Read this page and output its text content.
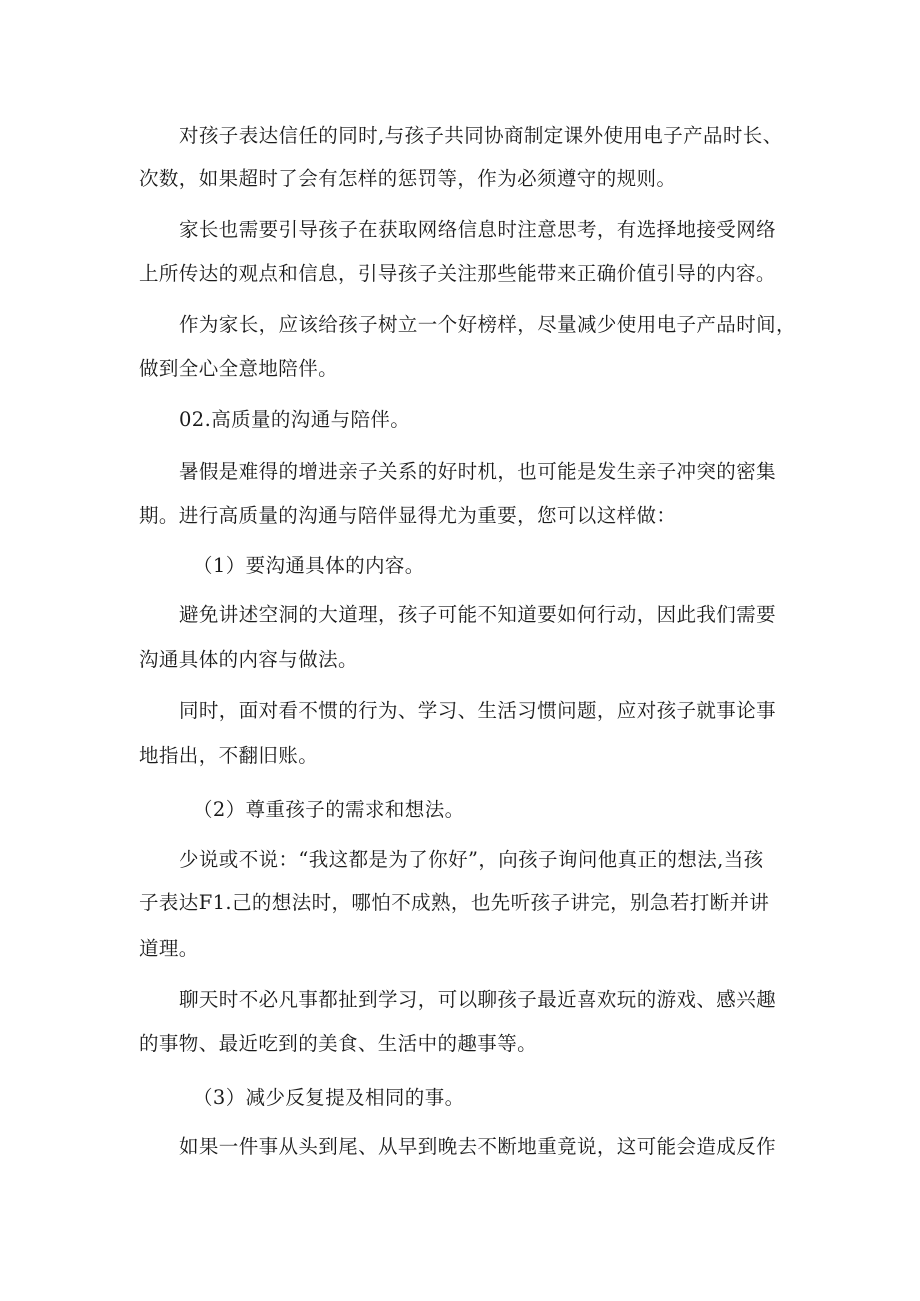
对孩子表达信任的同时,与孩子共同协商制定课外使用电子产品时长、
次数，如果超时了会有怎样的惩罚等，作为必须遵守的规则。
家长也需要引导孩子在获取网络信息时注意思考，有选择地接受网络
上所传达的观点和信息，引导孩子关注那些能带来正确价值引导的内容。
作为家长，应该给孩子树立一个好榜样，尽量减少使用电子产品时间，
做到全心全意地陪伴。
02.高质量的沟通与陪伴。
暑假是难得的增进亲子关系的好时机，也可能是发生亲子冲突的密集
期。进行高质量的沟通与陪伴显得尤为重要，您可以这样做：
（1）要沟通具体的内容。
避免讲述空洞的大道理，孩子可能不知道要如何行动，因此我们需要
沟通具体的内容与做法。
同时，面对看不惯的行为、学习、生活习惯问题，应对孩子就事论事
地指出，不翻旧账。
（2）尊重孩子的需求和想法。
少说或不说：“我这都是为了你好”，向孩子询问他真正的想法,当孩
子表达F1.己的想法时，哪怕不成熟，也先听孩子讲完，别急若打断并讲
道理。
聊天时不必凡事都扯到学习，可以聊孩子最近喜欢玩的游戏、感兴趣
的事物、最近吃到的美食、生活中的趣事等。
（3）减少反复提及相同的事。
如果一件事从头到尾、从早到晚去不断地重竟说，这可能会造成反作
